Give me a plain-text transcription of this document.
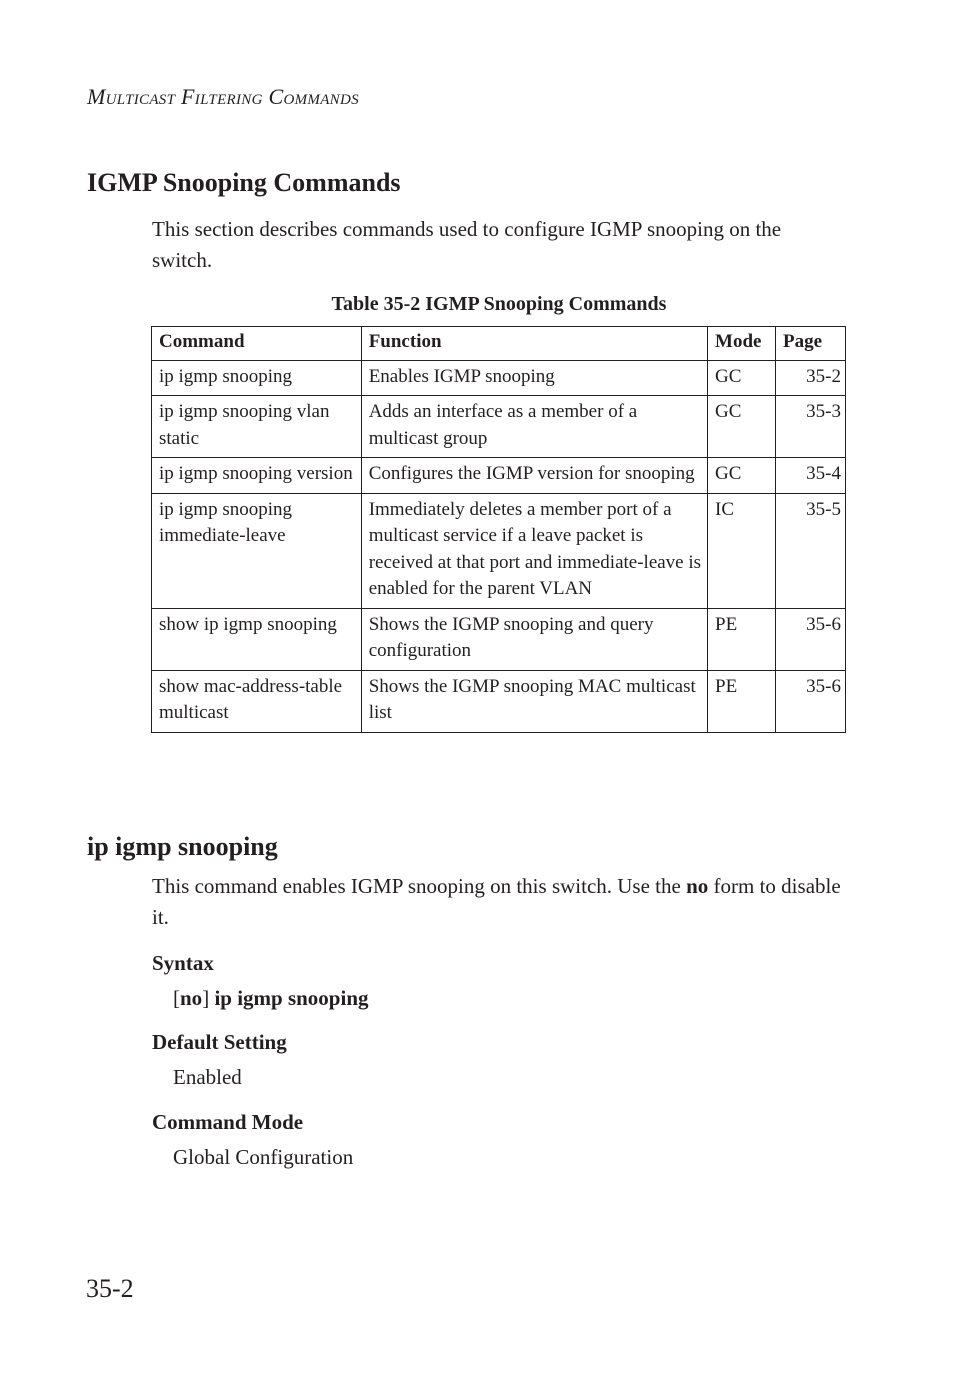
Multicast Filtering Commands
IGMP Snooping Commands

This section describes commands used to configure IGMP snooping on the switch.

Table 35-2 IGMP Snooping Commands
Command	Function	Mode	Page
ip igmp snooping	Enables IGMP snooping	GC	35-2
ip igmp snooping vlan static	Adds an interface as a member of a multicast group	GC	35-3
ip igmp snooping version	Configures the IGMP version for snooping	GC	35-4
ip igmp snooping immediate-leave	Immediately deletes a member port of a multicast service if a leave packet is received at that port and immediate-leave is enabled for the parent VLAN	IC	35-5
show ip igmp snooping	Shows the IGMP snooping and query configuration	PE	35-6
show mac-address-table multicast	Shows the IGMP snooping MAC multicast list	PE	35-6
ip igmp snooping

This command enables IGMP snooping on this switch. Use the no form to disable it.

Syntax

[no] ip igmp snooping

Default Setting

Enabled

Command Mode

Global Configuration

35-2
